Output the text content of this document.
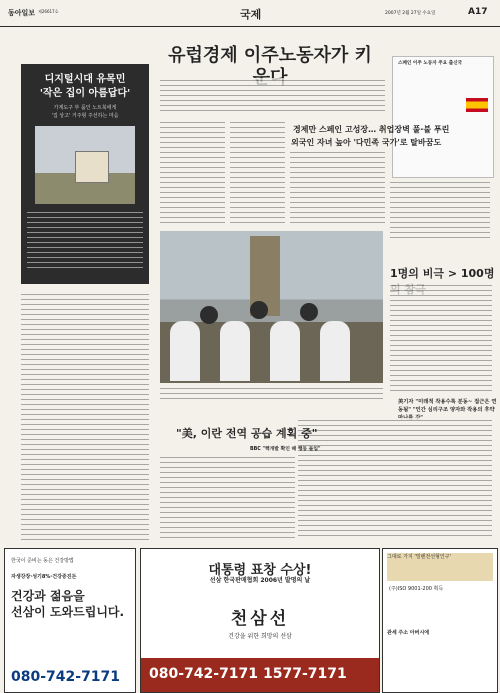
동아일보 제26617호	국제	2007년 2월 27일 수요일	A17
유럽경제 이주노동자가 키
디지털시대 유목민
'작은 집이 아름답다'
가계도구 부 품인 노트북에게
'집 상고' 거주형 주선하는 마음
스페인 이주 노동자 주요 출신국
경제만 스페인 고성장… 취업장벽 풀·불 푸린
외국인 자녀 높아 '다민족 국가'로 탈바꿈도
1명의 비극 > 100명
美기자 "미래적 작용수록 분동~ 접근은 연동됨" "인간 심리구조 양자와 작용의 후약
"美, 이란 전역 공습 계획 중"
BBC "핵개발 확인 때 행동 돌입"
한국이 준비는 동은 건강방법
자생강장·성기8%·건강증진돈
건강과 젊음을
선삼이 도와드립니다.
080-742-7171
대통령 표창 수상!
선삼 한국판매협회 2006년 발명의 날
천삼선
건강을 위한 희망의 선삼
080-742-7171 1577-7171
그대로 가지 '밀렌전선형인구'
(주)ISO 9001-200 획득
관세 주소 아버시에
